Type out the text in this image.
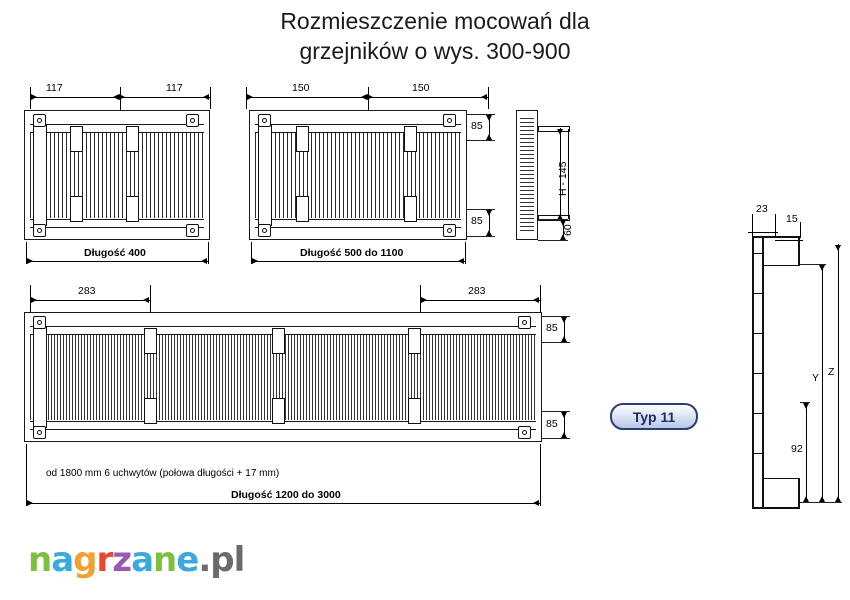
Rozmieszczenie mocowań dla
grzejników o wys. 300-900
117	117
Długość 400
150	150
85
85
Długość 500 do 1100
H - 145
60
283	283
85
85
od 1800 mm 6 uchwytów (połowa długości + 17 mm)
Długość 1200 do 3000
Typ 11
23
15
Z
Y
92
nagrzane.pl
